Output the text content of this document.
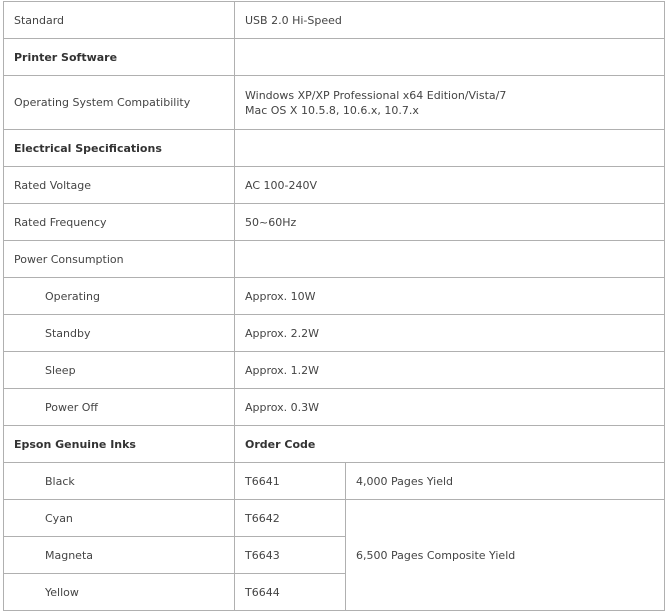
Standard	USB 2.0 Hi-Speed	
Printer Software		
Operating System Compatibility	Windows XP/XP Professional x64 Edition/Vista/7
Mac OS X 10.5.8, 10.6.x, 10.7.x	

Electrical Specifications		
Rated Voltage	AC 100-240V	
Rated Frequency	50~60Hz	
Power Consumption		
Operating	Approx. 10W	
Standby	Approx. 2.2W	
Sleep	Approx. 1.2W	
Power Off	Approx. 0.3W	
Epson Genuine Inks	Order Code	
Black	T6641	4,000 Pages Yield
Cyan	T6642	6,500 Pages Composite Yield
Magneta	T6643	
Yellow	T6644	
